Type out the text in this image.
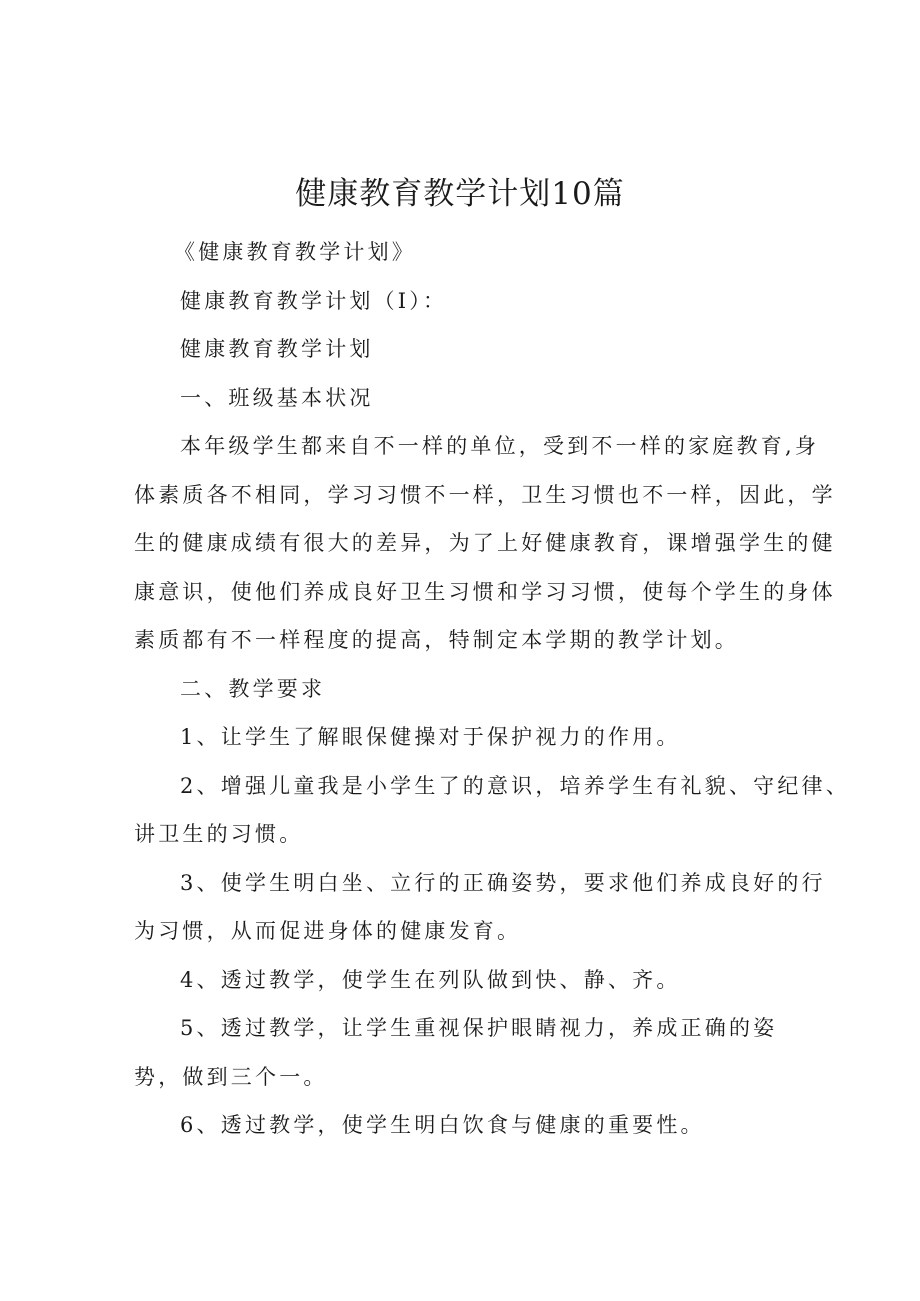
健康教育教学计划10篇

《健康教育教学计划》

健康教育教学计划（I）：

健康教育教学计划

一、班级基本状况

本年级学生都来自不一样的单位，受到不一样的家庭教育,身

体素质各不相同，学习习惯不一样，卫生习惯也不一样，因此，学

生的健康成绩有很大的差异，为了上好健康教育，课增强学生的健

康意识，使他们养成良好卫生习惯和学习习惯，使每个学生的身体

素质都有不一样程度的提高，特制定本学期的教学计划。

二、教学要求

1、让学生了解眼保健操对于保护视力的作用。

2、增强儿童我是小学生了的意识，培养学生有礼貌、守纪律、

讲卫生的习惯。

3、使学生明白坐、立行的正确姿势，要求他们养成良好的行

为习惯，从而促进身体的健康发育。

4、透过教学，使学生在列队做到快、静、齐。

5、透过教学，让学生重视保护眼睛视力，养成正确的姿

势，做到三个一。

6、透过教学，使学生明白饮食与健康的重要性。
